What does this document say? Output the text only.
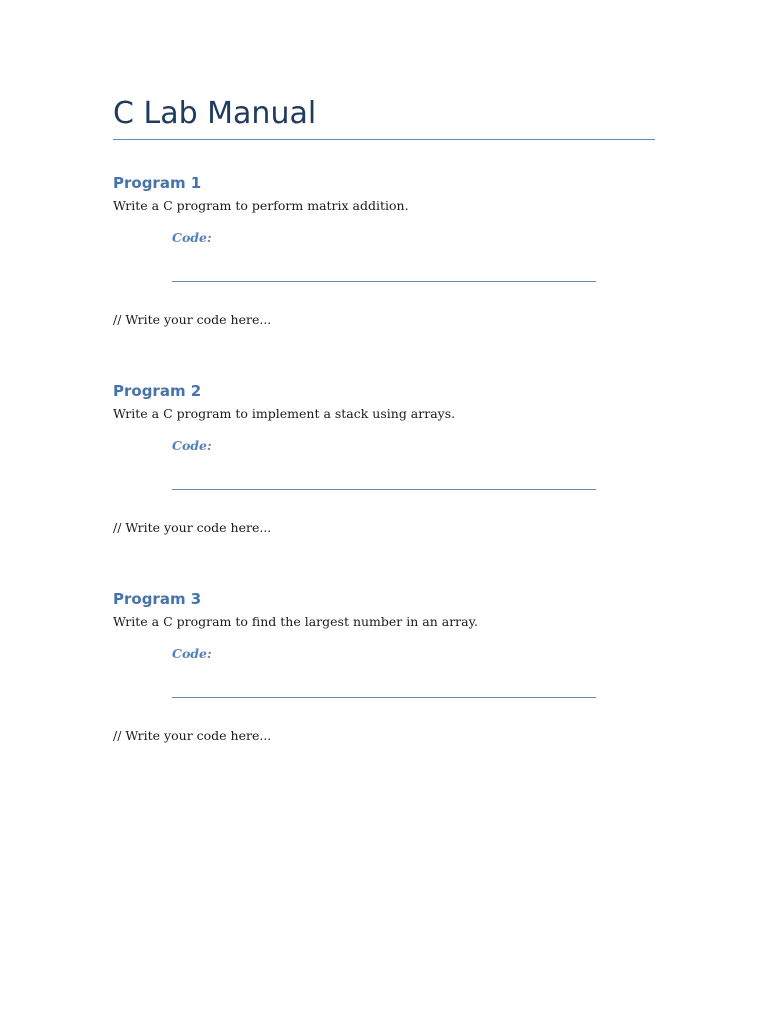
C Lab Manual
Program 1

Write a C program to perform matrix addition.

Code:

// Write your code here...

Program 2

Write a C program to implement a stack using arrays.

Code:

// Write your code here...

Program 3

Write a C program to find the largest number in an array.

Code:

// Write your code here...
